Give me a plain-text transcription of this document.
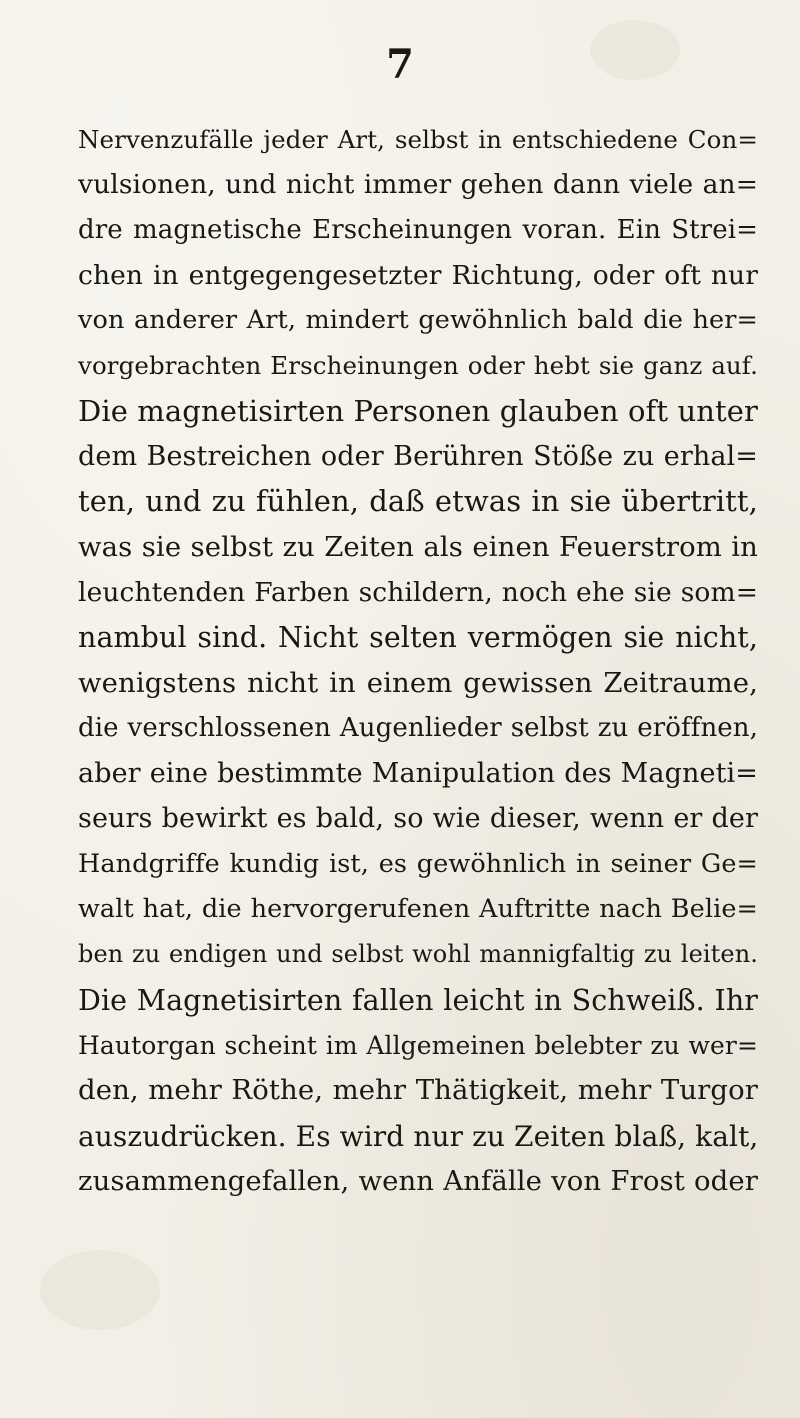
7
Nervenzufälle jeder Art, selbst in entschiedene Con=
vulsionen, und nicht immer gehen dann viele an=
dre magnetische Erscheinungen voran. Ein Strei=
chen in entgegengesetzter Richtung, oder oft nur
von anderer Art, mindert gewöhnlich bald die her=
vorgebrachten Erscheinungen oder hebt sie ganz auf.
Die magnetisirten Personen glauben oft unter
dem Bestreichen oder Berühren Stöße zu erhal=
ten, und zu fühlen, daß etwas in sie übertritt,
was sie selbst zu Zeiten als einen Feuerstrom in
leuchtenden Farben schildern, noch ehe sie som=
nambul sind. Nicht selten vermögen sie nicht,
wenigstens nicht in einem gewissen Zeitraume,
die verschlossenen Augenlieder selbst zu eröffnen,
aber eine bestimmte Manipulation des Magneti=
seurs bewirkt es bald, so wie dieser, wenn er der
Handgriffe kundig ist, es gewöhnlich in seiner Ge=
walt hat, die hervorgerufenen Auftritte nach Belie=
ben zu endigen und selbst wohl mannigfaltig zu leiten.
Die Magnetisirten fallen leicht in Schweiß. Ihr
Hautorgan scheint im Allgemeinen belebter zu wer=
den, mehr Röthe, mehr Thätigkeit, mehr Turgor
auszudrücken. Es wird nur zu Zeiten blaß, kalt,
zusammengefallen, wenn Anfälle von Frost oder
